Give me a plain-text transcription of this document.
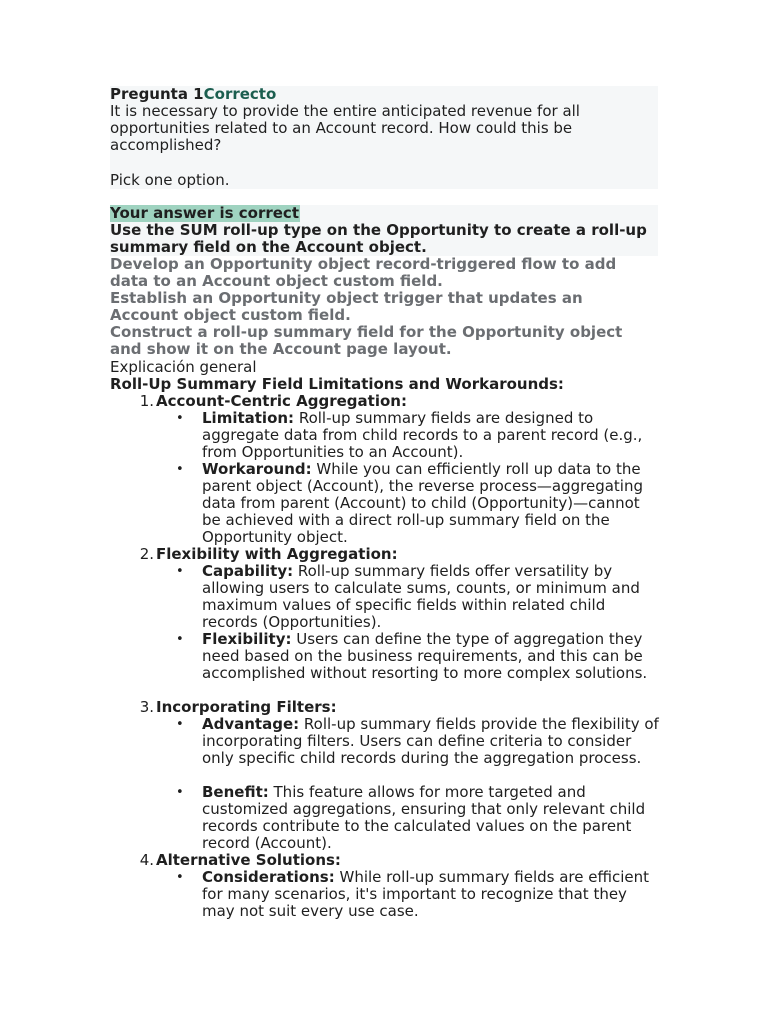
Pregunta 1Correcto
It is necessary to provide the entire anticipated revenue for all opportunities related to an Account record. How could this be accomplished?
Pick one option.
Your answer is correct
Use the SUM roll-up type on the Opportunity to create a roll-up summary field on the Account object.
Develop an Opportunity object record-triggered flow to add data to an Account object custom field.
Establish an Opportunity object trigger that updates an Account object custom field.
Construct a roll-up summary field for the Opportunity object and show it on the Account page layout.
Explicación general
Roll-Up Summary Field Limitations and Workarounds:
1. Account-Centric Aggregation:
• Limitation: Roll-up summary fields are designed to aggregate data from child records to a parent record (e.g., from Opportunities to an Account).
• Workaround: While you can efficiently roll up data to the parent object (Account), the reverse process—aggregating data from parent (Account) to child (Opportunity)—cannot be achieved with a direct roll-up summary field on the Opportunity object.
2. Flexibility with Aggregation:
• Capability: Roll-up summary fields offer versatility by allowing users to calculate sums, counts, or minimum and maximum values of specific fields within related child records (Opportunities).
• Flexibility: Users can define the type of aggregation they need based on the business requirements, and this can be accomplished without resorting to more complex solutions.
3. Incorporating Filters:
• Advantage: Roll-up summary fields provide the flexibility of incorporating filters. Users can define criteria to consider only specific child records during the aggregation process.
• Benefit: This feature allows for more targeted and customized aggregations, ensuring that only relevant child records contribute to the calculated values on the parent record (Account).
4. Alternative Solutions:
• Considerations: While roll-up summary fields are efficient for many scenarios, it's important to recognize that they may not suit every use case.
